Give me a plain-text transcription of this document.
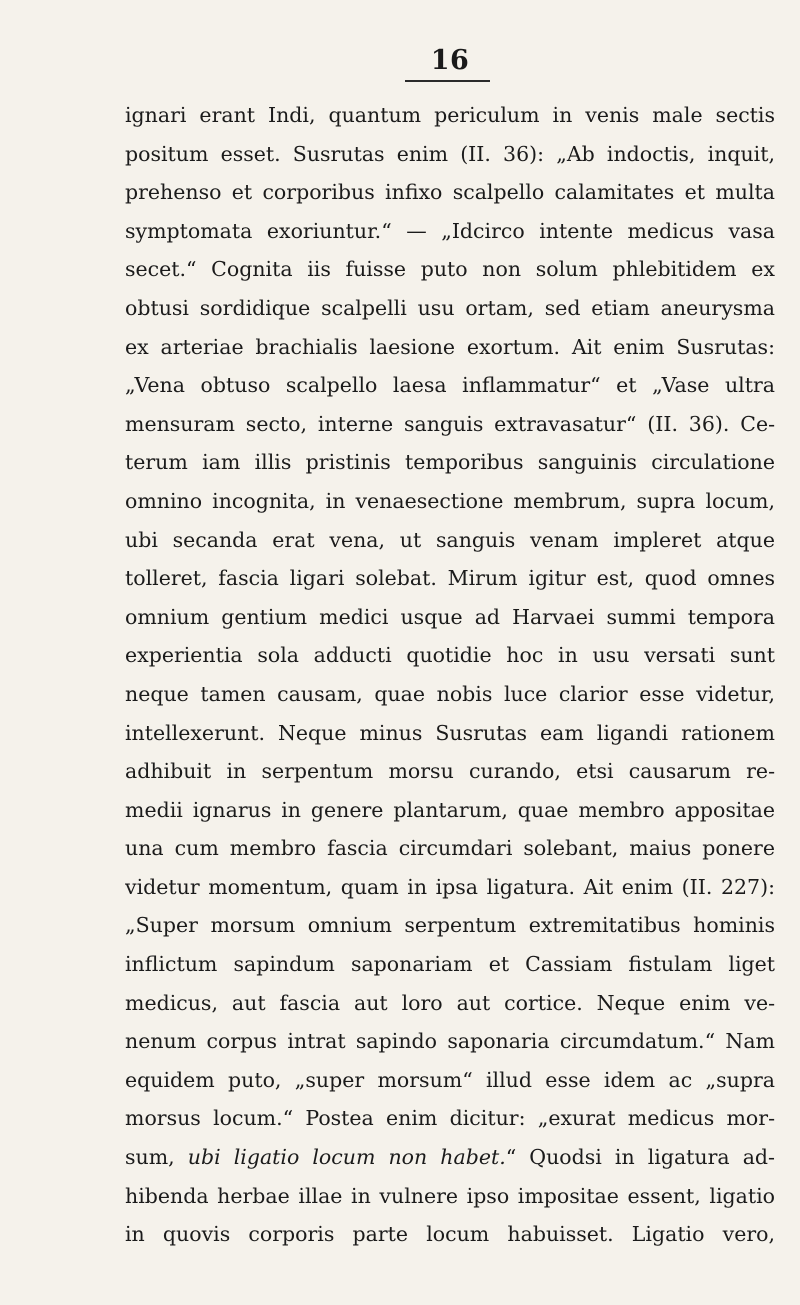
16
ignari erant Indi, quantum periculum in venis male sectis
positum esset. Susrutas enim (II. 36): „Ab indoctis, inquit,
prehenso et corporibus infixo scalpello calamitates et multa
symptomata exoriuntur.“ — „Idcirco intente medicus vasa
secet.“ Cognita iis fuisse puto non solum phlebitidem ex
obtusi sordidique scalpelli usu ortam, sed etiam aneurysma
ex arteriae brachialis laesione exortum. Ait enim Susrutas:
„Vena obtuso scalpello laesa inflammatur“ et „Vase ultra
mensuram secto, interne sanguis extravasatur“ (II. 36). Ce-
terum iam illis pristinis temporibus sanguinis circulatione
omnino incognita, in venaesectione membrum, supra locum,
ubi secanda erat vena, ut sanguis venam impleret atque
tolleret, fascia ligari solebat. Mirum igitur est, quod omnes
omnium gentium medici usque ad Harvaei summi tempora
experientia sola adducti quotidie hoc in usu versati sunt
neque tamen causam, quae nobis luce clarior esse videtur,
intellexerunt. Neque minus Susrutas eam ligandi rationem
adhibuit in serpentum morsu curando, etsi causarum re-
medii ignarus in genere plantarum, quae membro appositae
una cum membro fascia circumdari solebant, maius ponere
videtur momentum, quam in ipsa ligatura. Ait enim (II. 227):
„Super morsum omnium serpentum extremitatibus hominis
inflictum sapindum saponariam et Cassiam fistulam liget
medicus, aut fascia aut loro aut cortice. Neque enim ve-
nenum corpus intrat sapindo saponaria circumdatum.“ Nam
equidem puto, „super morsum“ illud esse idem ac „supra
morsus locum.“ Postea enim dicitur: „exurat medicus mor-
sum, ubi ligatio locum non habet.“ Quodsi in ligatura ad-
hibenda herbae illae in vulnere ipso impositae essent, ligatio
in quovis corporis parte locum habuisset. Ligatio vero,
